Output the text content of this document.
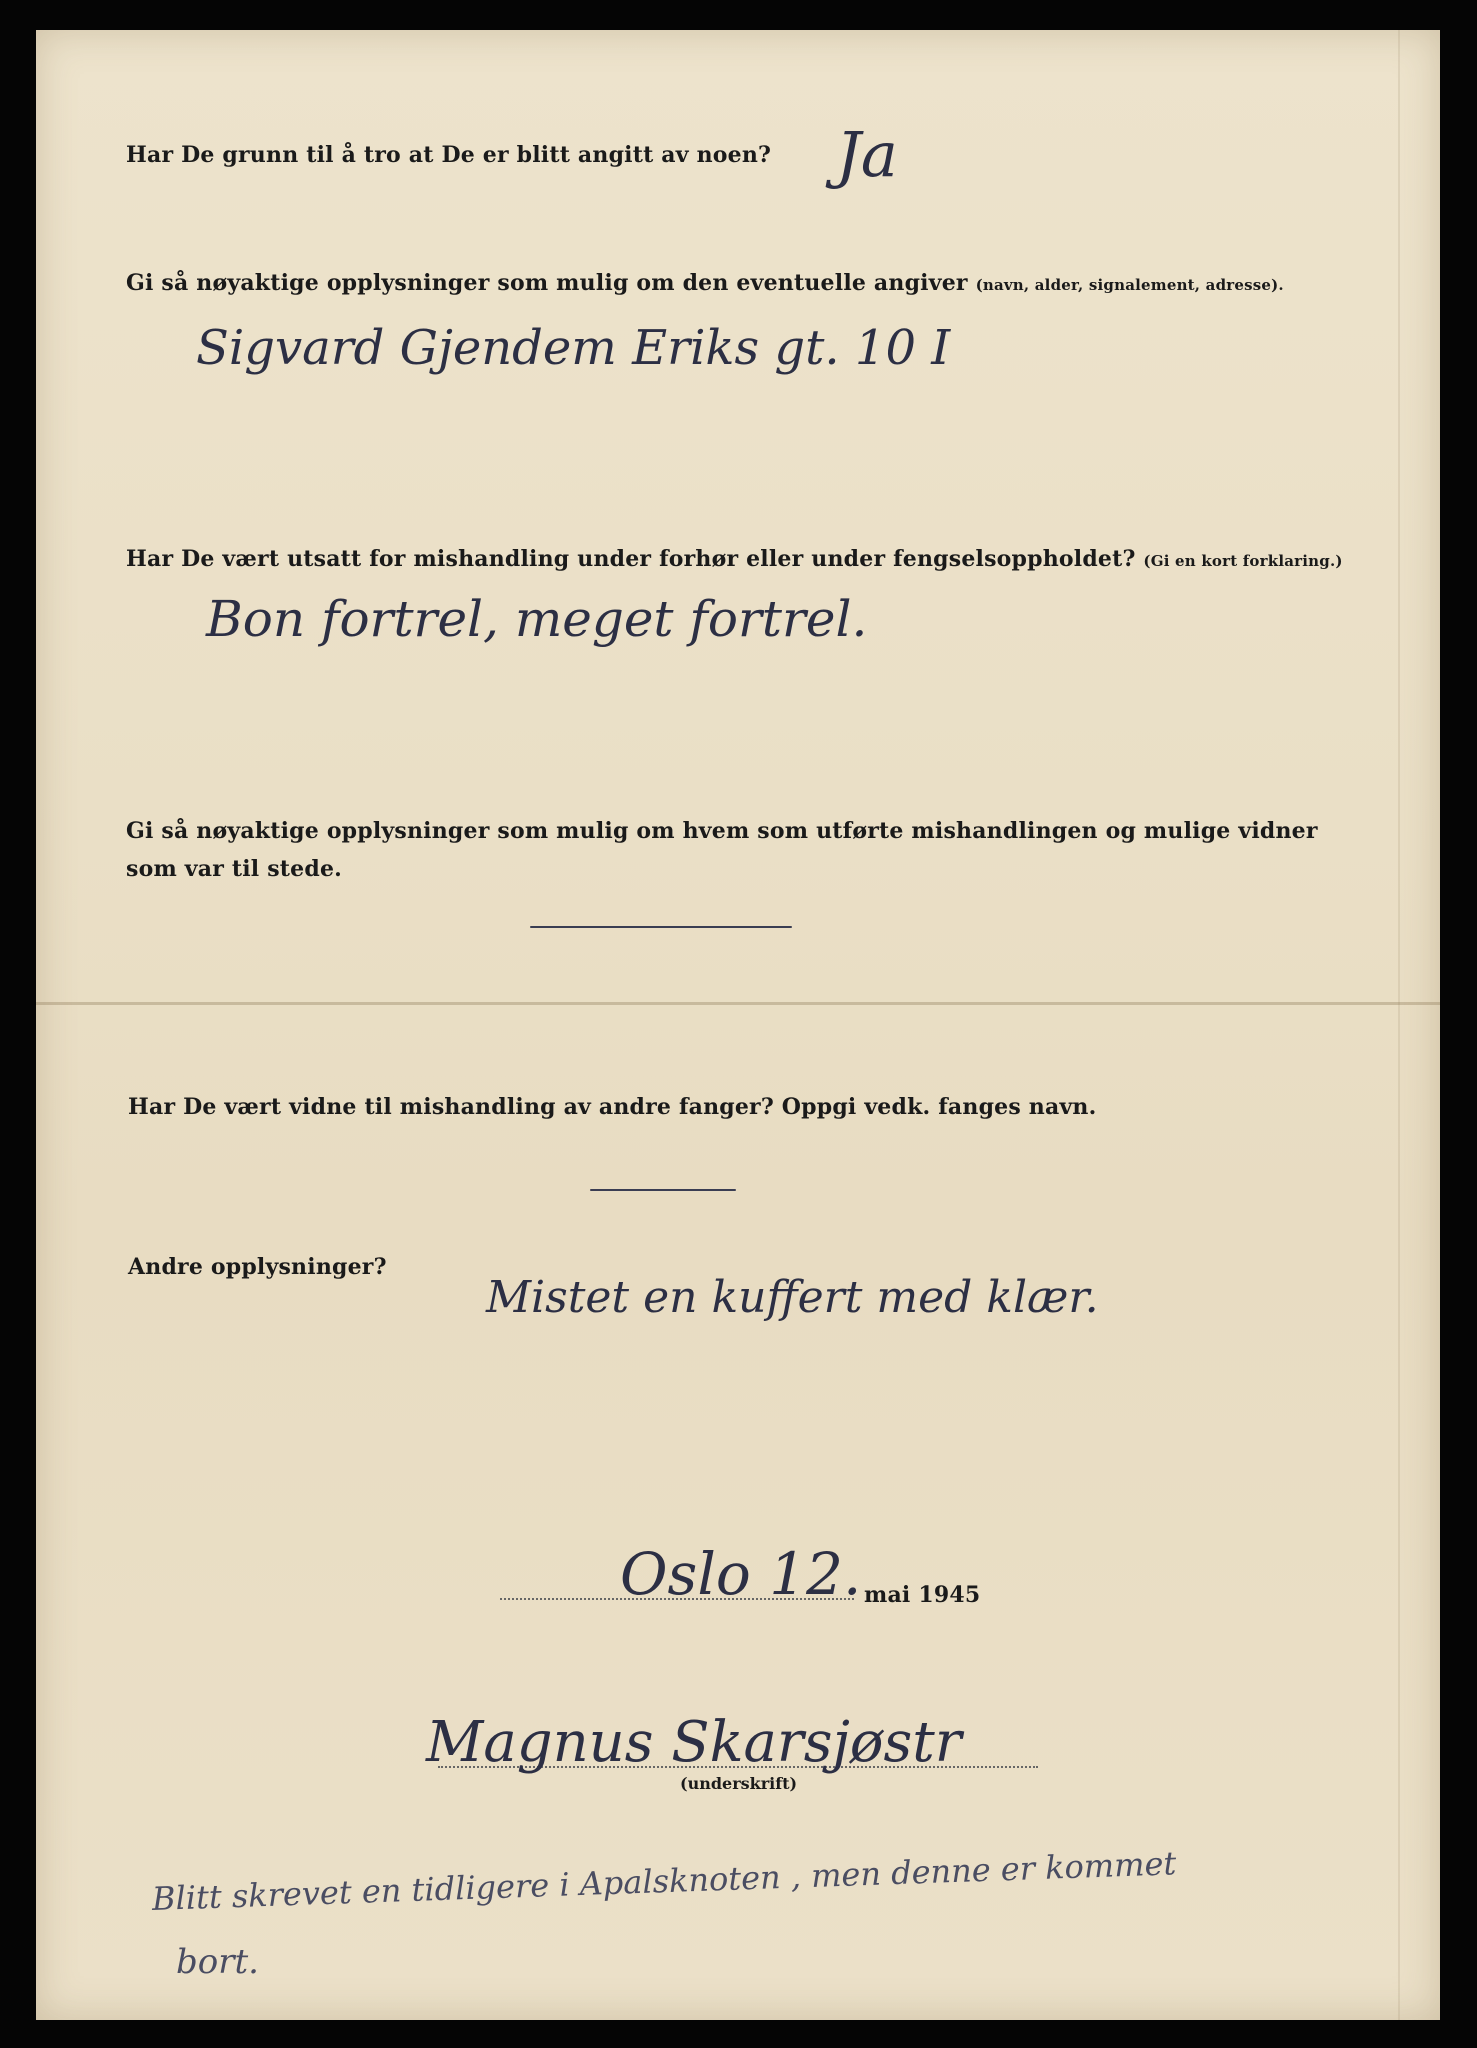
Har De grunn til å tro at De er blitt angitt av noen? Ja
Gi så nøyaktige opplysninger som mulig om den eventuelle angiver (navn, alder, signalement, adresse).
Sigvard Gjendem Eriks gt. 10 I
Har De vært utsatt for mishandling under forhør eller under fengselsoppholdet? (Gi en kort forklaring.)
Bon fortrel, meget fortrel.
Gi så nøyaktige opplysninger som mulig om hvem som utførte mishandlingen og mulige vidner
som var til stede.
Har De vært vidne til mishandling av andre fanger? Oppgi vedk. fanges navn.
Andre opplysninger?
Mistet en kuffert med klær.
Oslo 12. mai 1945
Magnus Skarsjøstr
(underskrift)
Blitt skrevet en tidligere i Apalsknoten , men denne er kommet
bort.
